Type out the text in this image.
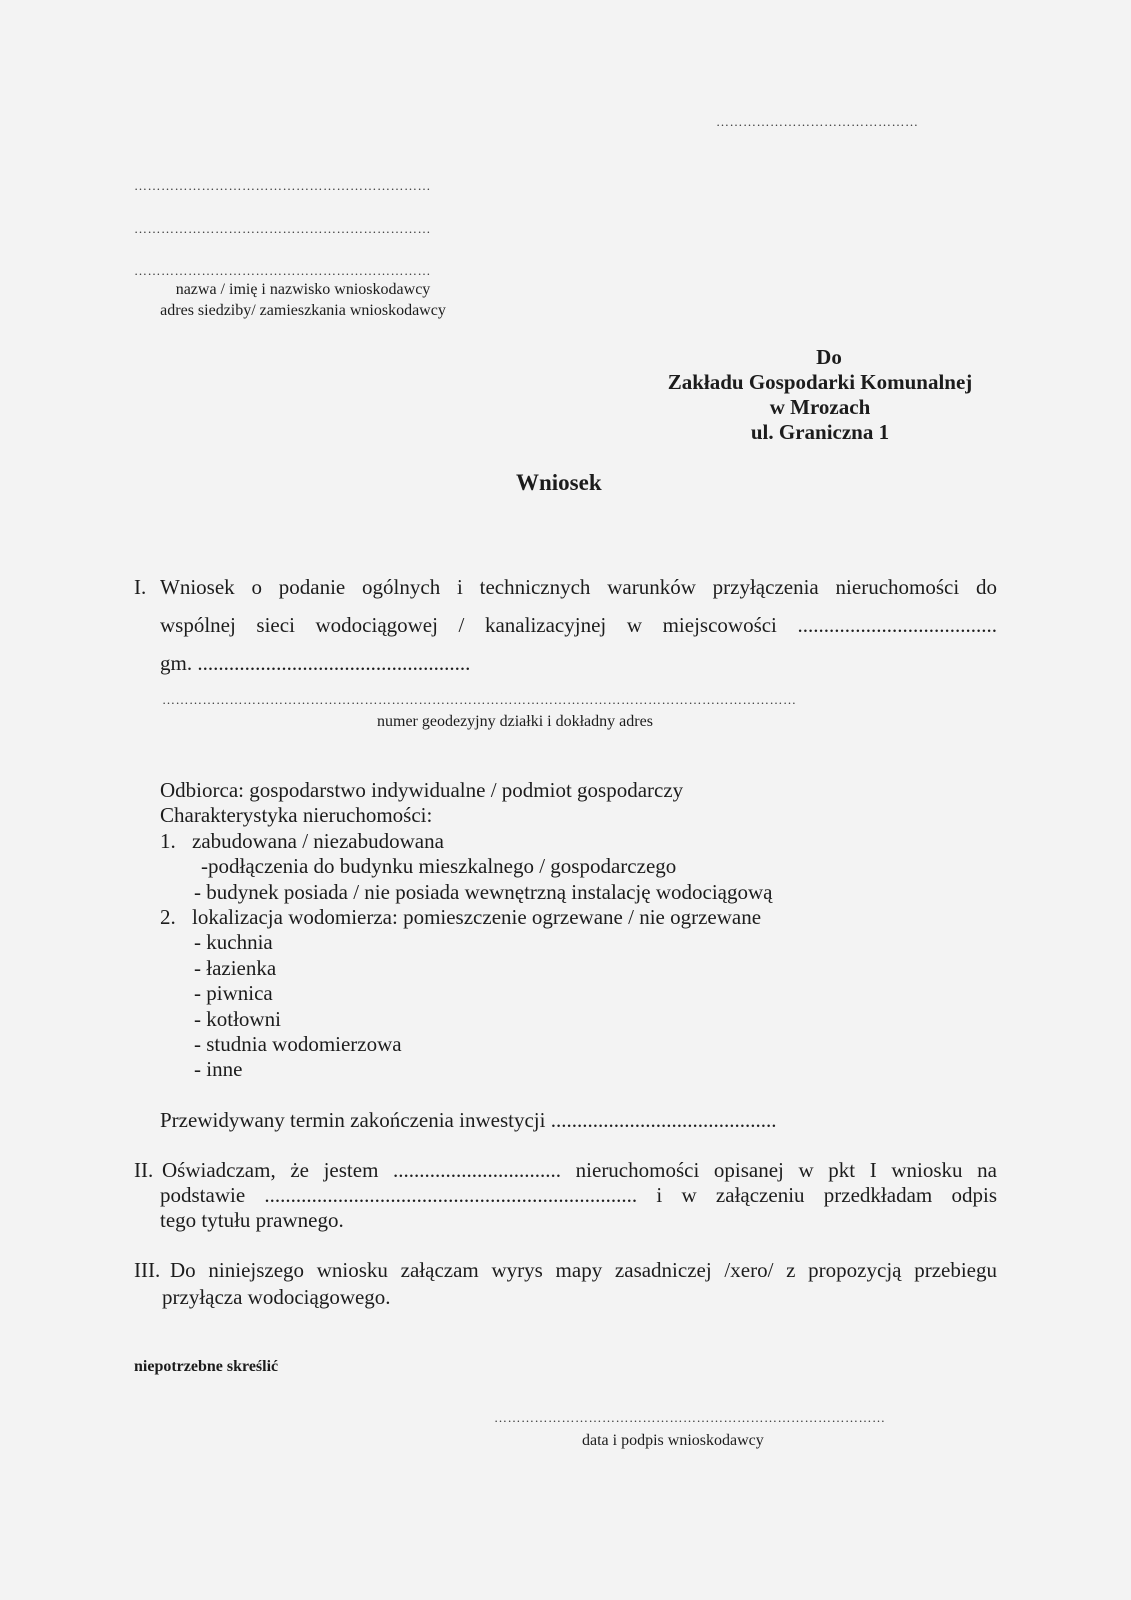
………………………………………
…………………………………………………………
…………………………………………………………
…………………………………………………………
nazwa / imię i nazwisko wnioskodawcy
adres siedziby/ zamieszkania wnioskodawcy
Do
Zakładu Gospodarki Komunalnej
w Mrozach
ul. Graniczna 1
Wniosek
I. Wniosek o podanie ogólnych i technicznych warunków przyłączenia nieruchomości do
wspólnej sieci wodociągowej / kanalizacyjnej w miejscowości ......................................
gm. ....................................................
……………………………………………………………………………………………………………………………
numer geodezyjny działki i dokładny adres
Odbiorca: gospodarstwo indywidualne / podmiot gospodarczy
Charakterystyka nieruchomości:
1. zabudowana / niezabudowana
-podłączenia do budynku mieszkalnego / gospodarczego
- budynek posiada / nie posiada wewnętrzną instalację wodociągową
2. lokalizacja wodomierza: pomieszczenie ogrzewane / nie ogrzewane
- kuchnia
- łazienka
- piwnica
- kotłowni
- studnia wodomierzowa
- inne
Przewidywany termin zakończenia inwestycji ...........................................
II. Oświadczam, że jestem ................................ nieruchomości opisanej w pkt I wniosku na
podstawie ....................................................................... i w załączeniu przedkładam odpis
tego tytułu prawnego.
III. Do niniejszego wniosku załączam wyrys mapy zasadniczej /xero/ z propozycją przebiegu
przyłącza wodociągowego.
niepotrzebne skreślić
……………………………………………………………………………
data i podpis wnioskodawcy
